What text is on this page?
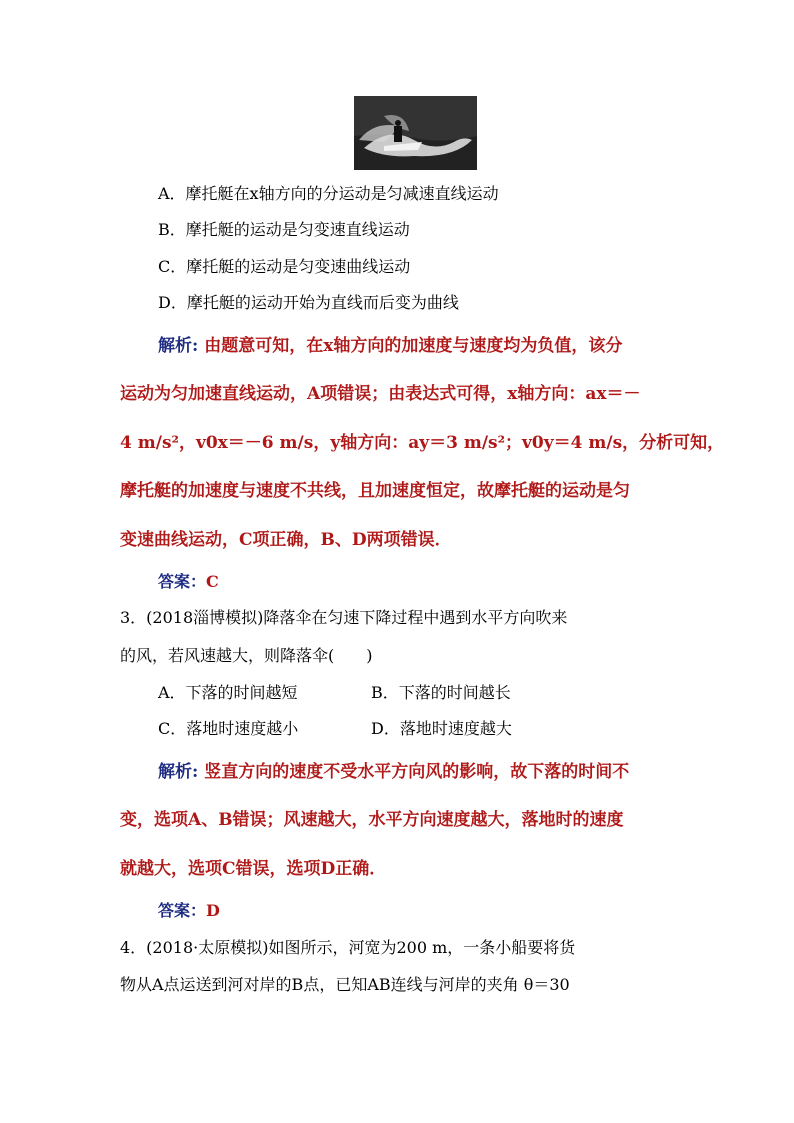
A．摩托艇在x轴方向的分运动是匀减速直线运动
B．摩托艇的运动是匀变速直线运动
C．摩托艇的运动是匀变速曲线运动
D．摩托艇的运动开始为直线而后变为曲线
解析: 由题意可知，在x轴方向的加速度与速度均为负值，该分
运动为匀加速直线运动，A项错误；由表达式可得，x轴方向：ax＝－
4 m/s²，v0x＝－6 m/s，y轴方向：ay＝3 m/s²；v0y＝4 m/s，分析可知，
摩托艇的加速度与速度不共线，且加速度恒定，故摩托艇的运动是匀
变速曲线运动，C项正确，B、D两项错误．
答案：C
3．(2018淄博模拟)降落伞在匀速下降过程中遇到水平方向吹来
的风，若风速越大，则降落伞(　　)
A．下落的时间越短	B．下落的时间越长
C．落地时速度越小	D．落地时速度越大
解析: 竖直方向的速度不受水平方向风的影响，故下落的时间不
变，选项A、B错误；风速越大，水平方向速度越大，落地时的速度
就越大，选项C错误，选项D正确．
答案：D
4．(2018·太原模拟)如图所示，河宽为200 m，一条小船要将货
物从A点运送到河对岸的B点，已知AB连线与河岸的夹角 θ＝30
